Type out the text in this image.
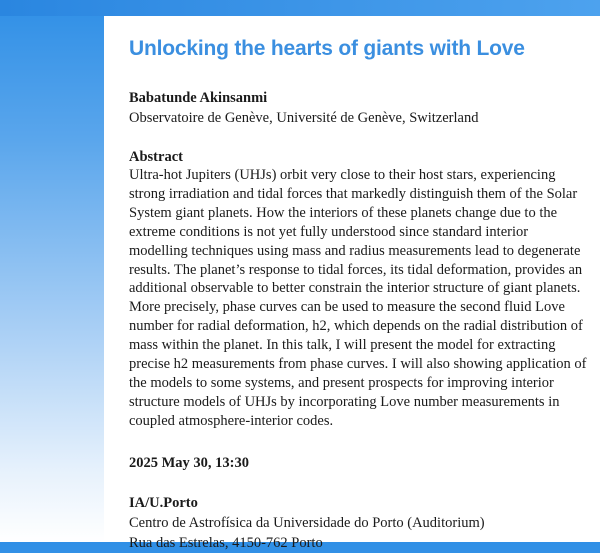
Unlocking the hearts of giants with Love
Babatunde Akinsanmi
Observatoire de Genève, Université de Genève, Switzerland
Abstract
Ultra-hot Jupiters (UHJs) orbit very close to their host stars, experiencing strong irradiation and tidal forces that markedly distinguish them of the Solar System giant planets. How the interiors of these planets change due to the extreme conditions is not yet fully understood since standard interior modelling techniques using mass and radius measurements lead to degenerate results. The planet’s response to tidal forces, its tidal deformation, provides an additional observable to better constrain the interior structure of giant planets. More precisely, phase curves can be used to measure the second fluid Love number for radial deformation, h2, which depends on the radial distribution of mass within the planet. In this talk, I will present the model for extracting precise h2 measurements from phase curves. I will also showing application of the models to some systems, and present prospects for improving interior structure models of UHJs by incorporating Love number measurements in coupled atmosphere-interior codes.
2025 May 30, 13:30
IA/U.Porto
Centro de Astrofísica da Universidade do Porto (Auditorium)
Rua das Estrelas, 4150-762 Porto
